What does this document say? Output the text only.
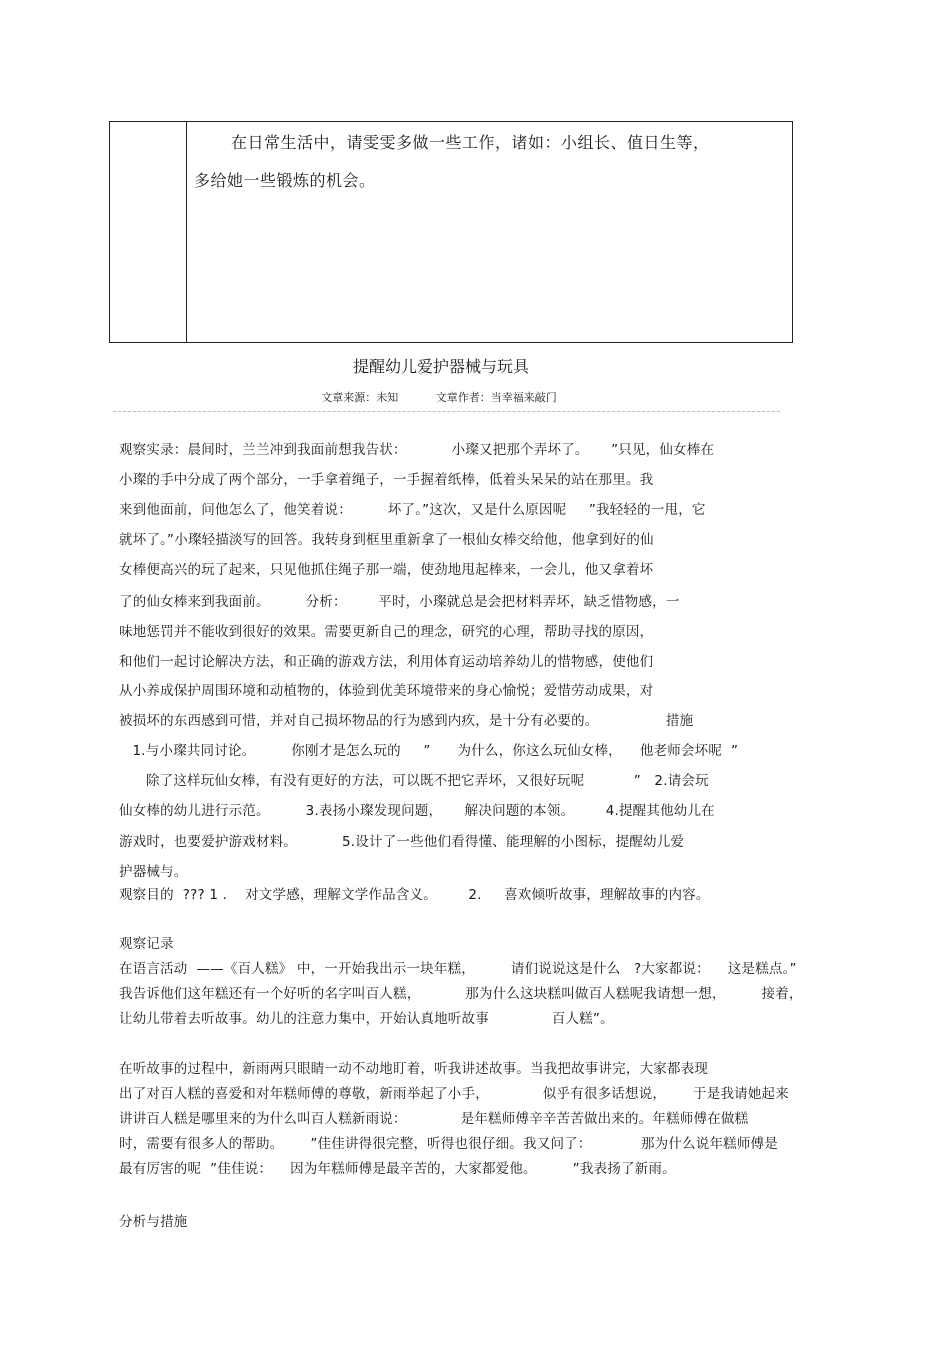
在日常生活中，请雯雯多做一些工作，诸如：小组长、值日生等，
多给她一些锻炼的机会。
提醒幼儿爱护器械与玩具
文章来源：未知	文章作者：当幸福来敲门
观察实录：晨间时，兰兰冲到我面前想我告状：          小璨又把那个弄坏了。     ”只见，仙女棒在
小璨的手中分成了两个部分，一手拿着绳子，一手握着纸棒，低着头呆呆的站在那里。我
来到他面前，问他怎么了，他笑着说：        坏了。”这次，又是什么原因呢     ”我轻轻的一甩，它
就坏了。”小璨轻描淡写的回答。我转身到框里重新拿了一根仙女棒交给他，他拿到好的仙
女棒便高兴的玩了起来，只见他抓住绳子那一端，使劲地甩起棒来，一会儿，他又拿着坏
了的仙女棒来到我面前。        分析：       平时，小璨就总是会把材料弄坏，缺乏惜物感，一
味地惩罚并不能收到很好的效果。需要更新自己的理念，研究的心理，帮助寻找的原因，
和他们一起讨论解决方法，和正确的游戏方法，利用体育运动培养幼儿的惜物感，使他们
从小养成保护周围环境和动植物的，体验到优美环境带来的身心愉悦；爱惜劳动成果，对
被损坏的东西感到可惜，并对自己损坏物品的行为感到内疚，是十分有必要的。               措施
1.与小璨共同讨论。        你刚才是怎么玩的     ”      为什么，你这么玩仙女棒，    他老师会坏呢  ”
除了这样玩仙女棒，有没有更好的方法，可以既不把它弄坏，又很好玩呢           ”   2.请会玩
仙女棒的幼儿进行示范。        3.表扬小璨发现问题，     解决问题的本领。       4.提醒其他幼儿在
游戏时，也要爱护游戏材料。          5.设计了一些他们看得懂、能理解的小图标，提醒幼儿爱
护器械与。
观察目的  ??? 1 .    对文学感，理解文学作品含义。       2.     喜欢倾听故事，理解故事的内容。
观察记录
在语言活动  ——《百人糕》 中，一开始我出示一块年糕，        请们说说这是什么   ?大家都说：    这是糕点。”
我告诉他们这年糕还有一个好听的名字叫百人糕，          那为什么这块糕叫做百人糕呢我请想一想，        接着，
让幼儿带着去听故事。幼儿的注意力集中，开始认真地听故事              百人糕”。
在听故事的过程中，新雨两只眼睛一动不动地盯着，听我讲述故事。当我把故事讲完，大家都表现
出了对百人糕的喜爱和对年糕师傅的尊敬，新雨举起了小手，            似乎有很多话想说，      于是我请她起来
讲讲百人糕是哪里来的为什么叫百人糕新雨说：            是年糕师傅辛辛苦苦做出来的。年糕师傅在做糕
时，需要有很多人的帮助。      ”佳佳讲得很完整，听得也很仔细。我又问了：           那为什么说年糕师傅是
最有厉害的呢  ”佳佳说：    因为年糕师傅是最辛苦的，大家都爱他。        ”我表扬了新雨。
分析与措施
